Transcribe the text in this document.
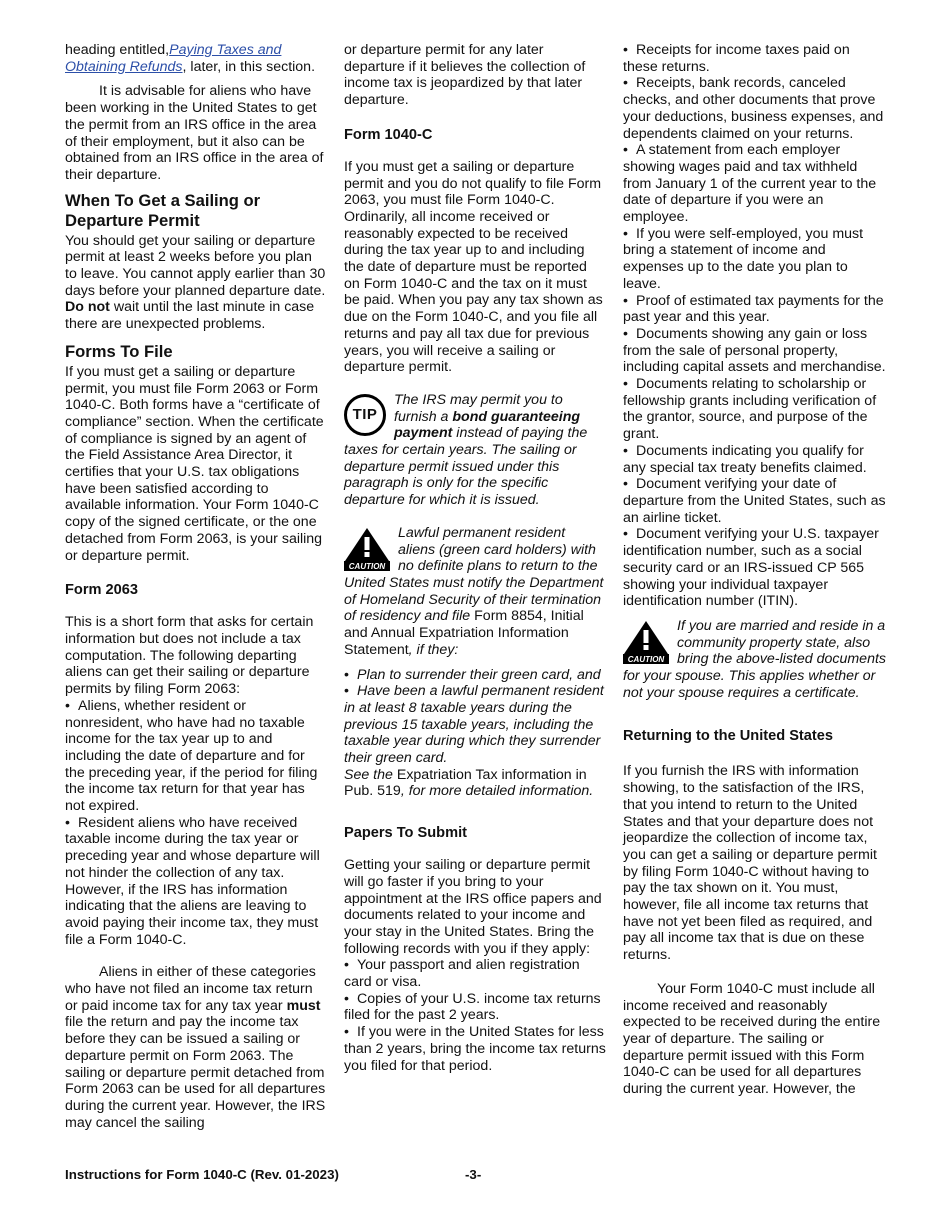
heading entitled,Paying Taxes and Obtaining Refunds, later, in this section.

It is advisable for aliens who have been working in the United States to get the permit from an IRS office in the area of their employment, but it also can be obtained from an IRS office in the area of their departure.

When To Get a Sailing or Departure Permit

You should get your sailing or departure permit at least 2 weeks before you plan to leave. You cannot apply earlier than 30 days before your planned departure date. Do not wait until the last minute in case there are unexpected problems.

Forms To File

If you must get a sailing or departure permit, you must file Form 2063 or Form 1040-C. Both forms have a “certificate of compliance” section. When the certificate of compliance is signed by an agent of the Field Assistance Area Director, it certifies that your U.S. tax obligations have been satisfied according to available information. Your Form 1040-C copy of the signed certificate, or the one detached from Form 2063, is your sailing or departure permit.

Form 2063

This is a short form that asks for certain information but does not include a tax computation. The following departing aliens can get their sailing or departure permits by filing Form 2063:

• Aliens, whether resident or nonresident, who have had no taxable income for the tax year up to and including the date of departure and for the preceding year, if the period for filing the income tax return for that year has not expired.

• Resident aliens who have received taxable income during the tax year or preceding year and whose departure will not hinder the collection of any tax. However, if the IRS has information indicating that the aliens are leaving to avoid paying their income tax, they must file a Form 1040-C.

Aliens in either of these categories who have not filed an income tax return or paid income tax for any tax year must file the return and pay the income tax before they can be issued a sailing or departure permit on Form 2063. The sailing or departure permit detached from Form 2063 can be used for all departures during the current year. However, the IRS may cancel the sailing

or departure permit for any later departure if it believes the collection of income tax is jeopardized by that later departure.

Form 1040-C

If you must get a sailing or departure permit and you do not qualify to file Form 2063, you must file Form 1040-C. Ordinarily, all income received or reasonably expected to be received during the tax year up to and including the date of departure must be reported on Form 1040-C and the tax on it must be paid. When you pay any tax shown as due on the Form 1040-C, and you file all returns and pay all tax due for previous years, you will receive a sailing or departure permit.

TIP
The IRS may permit you to furnish a bond guaranteeing payment instead of paying the taxes for certain years. The sailing or departure permit issued under this paragraph is only for the specific departure for which it is issued.
CAUTION
Lawful permanent resident aliens (green card holders) with no definite plans to return to the United States must notify the Department of Homeland Security of their termination of residency and file Form 8854, Initial and Annual Expatriation Information Statement, if they:

• Plan to surrender their green card, and

• Have been a lawful permanent resident in at least 8 taxable years during the previous 15 taxable years, including the taxable year during which they surrender their green card.

See the Expatriation Tax information in Pub. 519, for more detailed information.

Papers To Submit

Getting your sailing or departure permit will go faster if you bring to your appointment at the IRS office papers and documents related to your income and your stay in the United States. Bring the following records with you if they apply:

• Your passport and alien registration card or visa.

• Copies of your U.S. income tax returns filed for the past 2 years.

• If you were in the United States for less than 2 years, bring the income tax returns you filed for that period.

• Receipts for income taxes paid on these returns.

• Receipts, bank records, canceled checks, and other documents that prove your deductions, business expenses, and dependents claimed on your returns.

• A statement from each employer showing wages paid and tax withheld from January 1 of the current year to the date of departure if you were an employee.

• If you were self-employed, you must bring a statement of income and expenses up to the date you plan to leave.

• Proof of estimated tax payments for the past year and this year.

• Documents showing any gain or loss from the sale of personal property, including capital assets and merchandise.

• Documents relating to scholarship or fellowship grants including verification of the grantor, source, and purpose of the grant.

• Documents indicating you qualify for any special tax treaty benefits claimed.

• Document verifying your date of departure from the United States, such as an airline ticket.

• Document verifying your U.S. taxpayer identification number, such as a social security card or an IRS-issued CP 565 showing your individual taxpayer identification number (ITIN).

CAUTION
If you are married and reside in a community property state, also bring the above-listed documents for your spouse. This applies whether or not your spouse requires a certificate.
Returning to the United States

If you furnish the IRS with information showing, to the satisfaction of the IRS, that you intend to return to the United States and that your departure does not jeopardize the collection of income tax, you can get a sailing or departure permit by filing Form 1040-C without having to pay the tax shown on it. You must, however, file all income tax returns that have not yet been filed as required, and pay all income tax that is due on these returns.

Your Form 1040-C must include all income received and reasonably expected to be received during the entire year of departure. The sailing or departure permit issued with this Form 1040-C can be used for all departures during the current year. However, the

Instructions for Form 1040-C (Rev. 01-2023)	-3-
